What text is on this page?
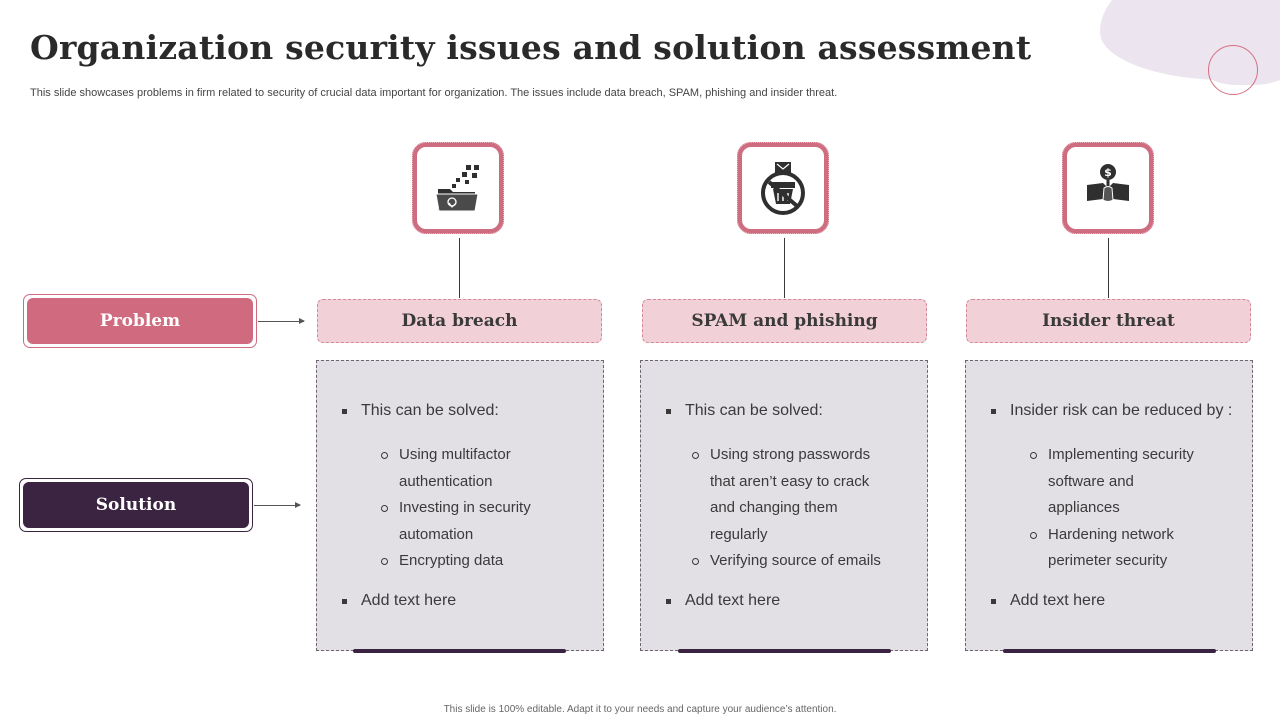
Organization security issues and solution assessment
This slide showcases problems in firm related to security of crucial data important for organization. The issues include data breach, SPAM, phishing and insider threat.
$
Problem
Solution
Data breach	SPAM and phishing	Insider threat
This can be solved:
Using multifactor authentication
Investing in security automation
Encrypting data
Add text here
This can be solved:
Using strong passwords that aren’t easy to crack and changing them regularly
Verifying source of emails
Add text here
Insider risk can be reduced by :
Implementing security software and appliances
Hardening network perimeter security
Add text here
This slide is 100% editable. Adapt it to your needs and capture your audience’s attention.
